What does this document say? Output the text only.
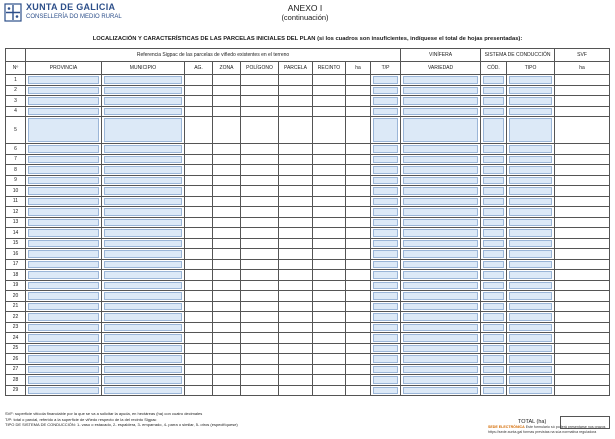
XUNTA DE GALICIA
CONSELLERÍA DO MEDIO RURAL
ANEXO I
(continuación)
LOCALIZACIÓN Y CARACTERÍSTICAS DE LAS PARCELAS INICIALES DEL PLAN (si los cuadros son insuficientes, indíquese el total de hojas presentadas):
	Referencia Sigpac de las parcelas de viñedo existentes en el terreno									VINÍFERA	SISTEMA DE CONDUCCIÓN		SVF
Nº	PROVINCIA	MUNICIPIO	AG.	ZONA	POLÍGONO	PARCELA	RECINTO	ha	T/P	VARIEDAD	CÓD.	TIPO	ha
1	

2	

3	

4	

5	

6	

7	

8	

9	

10	

11	

12	

13	

14	

15	

16	

17	

18	

19	

20	

21	

22	

23	

24	

25	

26	

27	

28	

29	

SVF: superficie vitícola financiable por la que se va a solicitar la ayuda, en hectáreas (ha) con cuatro decimales
T/P: total o parcial, referido a la superficie de viñedo respecto de la del recinto Sigpac
TIPO DE SISTEMA DE CONDUCCIÓN: 1- vaso o estacado, 2- espaldera, 3- emparrado, 4- parra o similar, 5- otros (especifíquese)	TOTAL (ha)
SEDE ELECTRÓNICA Este formulario só poderá presentarse nos prazos
https://sede.xunta.gal formas previstas na súa normativa reguladora
